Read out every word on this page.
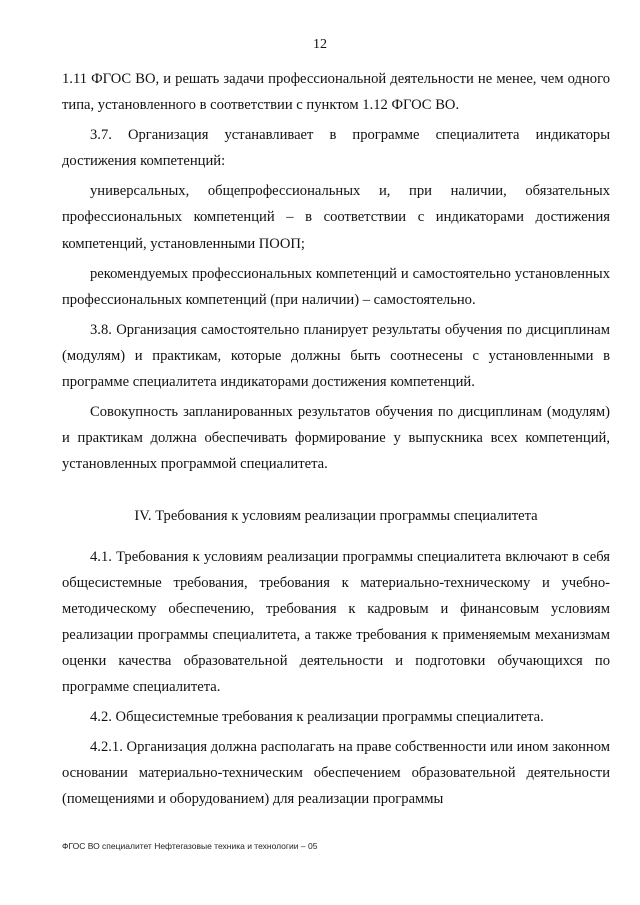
12

1.11 ФГОС ВО, и решать задачи профессиональной деятельности не менее, чем одного типа, установленного в соответствии с пунктом 1.12 ФГОС ВО.

3.7. Организация устанавливает в программе специалитета индикаторы достижения компетенций:

универсальных, общепрофессиональных и, при наличии, обязательных профессиональных компетенций – в соответствии с индикаторами достижения компетенций, установленными ПООП;

рекомендуемых профессиональных компетенций и самостоятельно установленных профессиональных компетенций (при наличии) – самостоятельно.

3.8. Организация самостоятельно планирует результаты обучения по дисциплинам (модулям) и практикам, которые должны быть соотнесены с установленными в программе специалитета индикаторами достижения компетенций.

Совокупность запланированных результатов обучения по дисциплинам (модулям) и практикам должна обеспечивать формирование у выпускника всех компетенций, установленных программой специалитета.

IV. Требования к условиям реализации программы специалитета

4.1. Требования к условиям реализации программы специалитета включают в себя общесистемные требования, требования к материально-техническому и учебно-методическому обеспечению, требования к кадровым и финансовым условиям реализации программы специалитета, а также требования к применяемым механизмам оценки качества образовательной деятельности и подготовки обучающихся по программе специалитета.

4.2. Общесистемные требования к реализации программы специалитета.

4.2.1. Организация должна располагать на праве собственности или ином законном основании материально-техническим обеспечением образовательной деятельности (помещениями и оборудованием) для реализации программы

ФГОС ВО специалитет Нефтегазовые техника и технологии – 05
